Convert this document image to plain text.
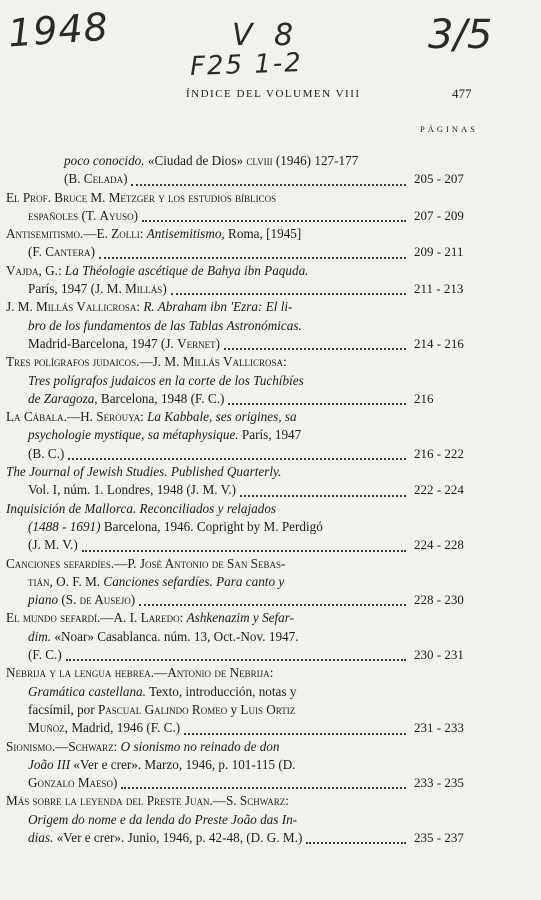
1948	V 8	3/5
F25 1-2
ÍNDICE DEL VOLUMEN VIII	477
PÁGINAS
poco conocido. «Ciudad de Dios» clviii (1946) 127-177
(B. Celada)	205 - 207
El Prof. Bruce M. Metzger y los estudios bíblicos
españoles (T. Ayuso)	207 - 209
Antisemitismo.—E. Zolli: Antisemitismo, Roma, [1945]
(F. Cantera)	209 - 211
Vajda, G.: La Théologie ascétique de Bahya ibn Paquda.
París, 1947 (J. M. Millás)	211 - 213
J. M. Millás Vallicrosa: R. Abraham ibn 'Ezra: El li-
bro de los fundamentos de las Tablas Astronómicas.
Madrid-Barcelona, 1947 (J. Vernet)	214 - 216
Tres polígrafos judaicos.—J. M. Millás Vallicrosa:
Tres polígrafos judaicos en la corte de los Tuchíbíes
de Zaragoza, Barcelona, 1948 (F. C.)	216
La Cábala.—H. Serouya: La Kabbale, ses origines, sa
psychologie mystique, sa métaphysique. París, 1947
(B. C.)	216 - 222
The Journal of Jewish Studies. Published Quarterly.
Vol. I, núm. 1. Londres, 1948 (J. M. V.)	222 - 224
Inquisición de Mallorca. Reconciliados y relajados
(1488 - 1691) Barcelona, 1946. Copright by M. Perdigó
(J. M. V.)	224 - 228
Canciones sefardíes.—P. José Antonio de San Sebas-
tián, O. F. M. Canciones sefardíes. Para canto y
piano (S. de Ausejo)	228 - 230
El mundo sefardí.—A. I. Laredo: Ashkenazim y Sefar-
dim. «Noar» Casablanca. núm. 13, Oct.-Nov. 1947.
(F. C.)	230 - 231
Nebrija y la lengua hebrea.—Antonio de Nebrija:
Gramática castellana. Texto, introducción, notas y
facsímil, por Pascual Galindo Romeo y Luis Ortiz
Muñoz, Madrid, 1946 (F. C.)	231 - 233
Sionismo.—Schwarz: O sionismo no reinado de don
João III «Ver e crer». Marzo, 1946, p. 101-115 (D.
Gonzalo Maeso)	233 - 235
Más sobre la leyenda del Preste Juan.—S. Schwarz:
Origem do nome e da lenda do Preste João das In-
dias. «Ver e crer». Junio, 1946, p. 42-48, (D. G. M.)	235 - 237
